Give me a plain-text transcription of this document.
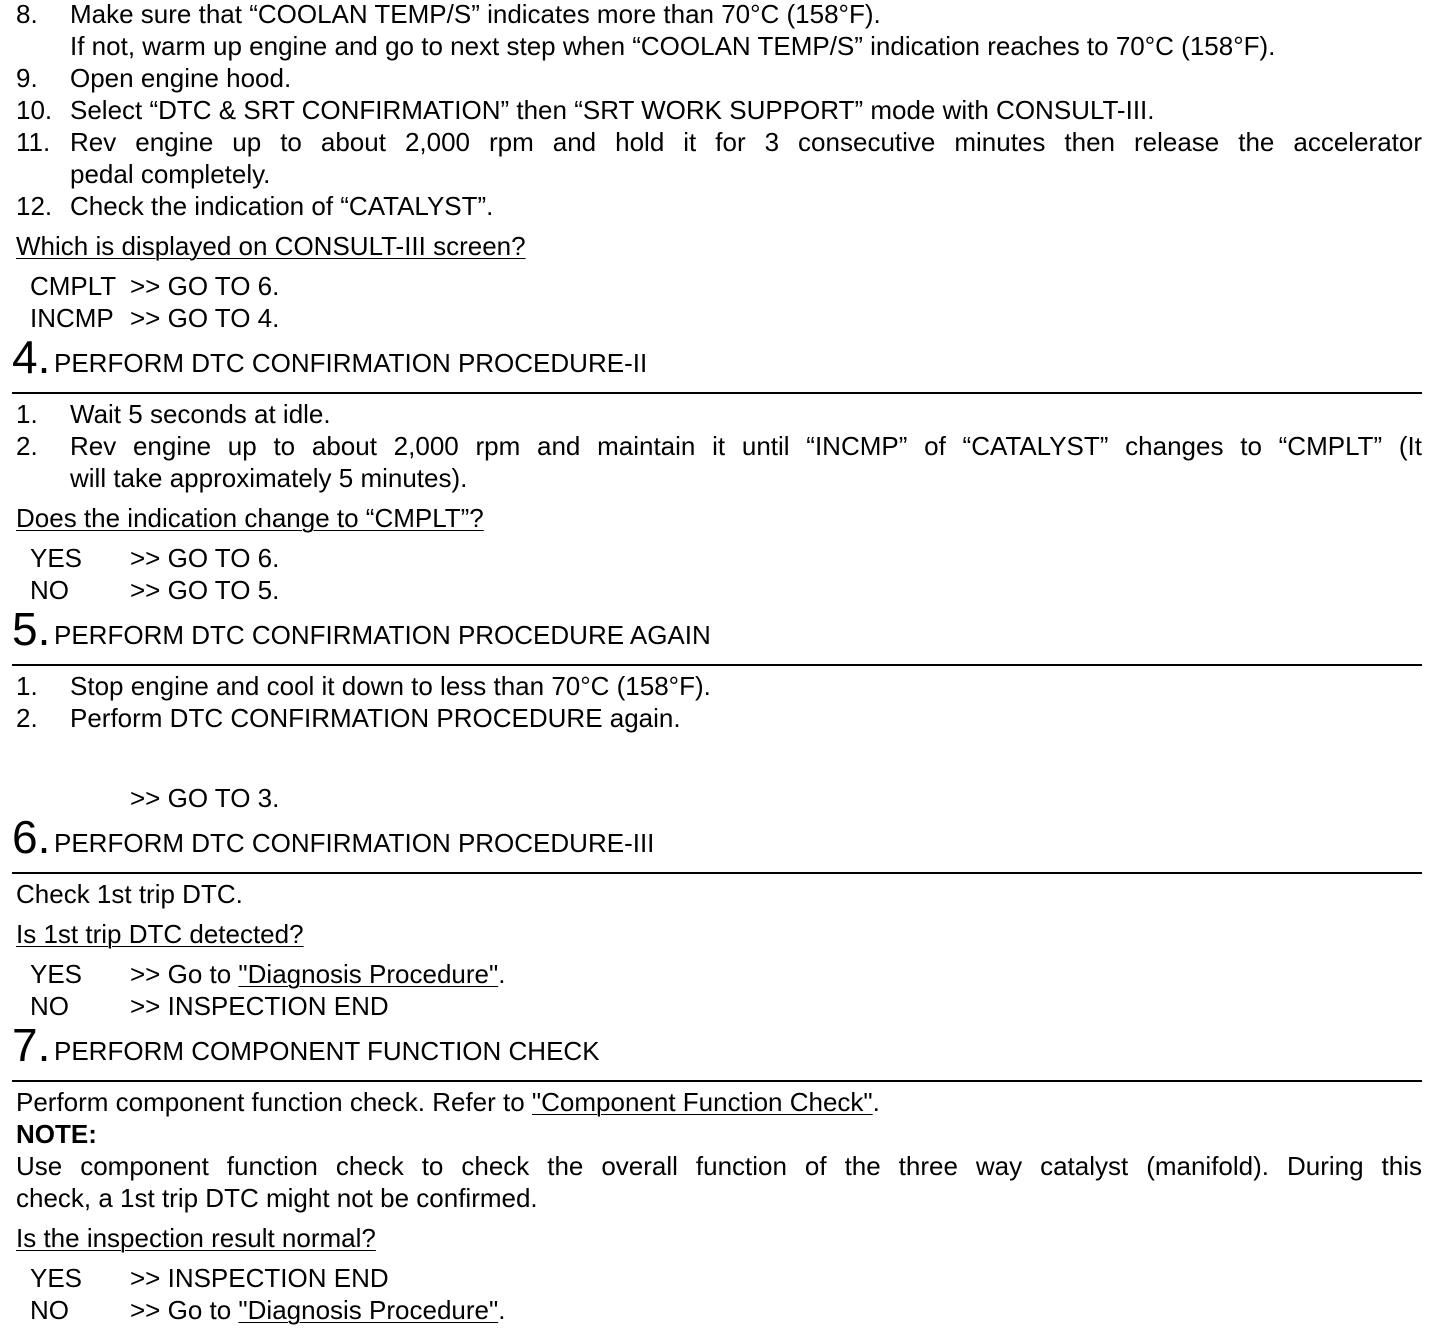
8. Make sure that “COOLAN TEMP/S” indicates more than 70°C (158°F).
If not, warm up engine and go to next step when “COOLAN TEMP/S” indication reaches to 70°C (158°F).
9. Open engine hood.
10. Select “DTC & SRT CONFIRMATION” then “SRT WORK SUPPORT” mode with CONSULT-III.
11. Rev engine up to about 2,000 rpm and hold it for 3 consecutive minutes then release the accelerator
pedal completely.
12. Check the indication of “CATALYST”.
Which is displayed on CONSULT-III screen?
CMPLT >> GO TO 6.
INCMP >> GO TO 4.
4. PERFORM DTC CONFIRMATION PROCEDURE-II
1. Wait 5 seconds at idle.
2. Rev engine up to about 2,000 rpm and maintain it until “INCMP” of “CATALYST” changes to “CMPLT” (It
will take approximately 5 minutes).
Does the indication change to “CMPLT”?
YES >> GO TO 6.
NO >> GO TO 5.
5. PERFORM DTC CONFIRMATION PROCEDURE AGAIN
1. Stop engine and cool it down to less than 70°C (158°F).
2. Perform DTC CONFIRMATION PROCEDURE again.
>> GO TO 3.
6. PERFORM DTC CONFIRMATION PROCEDURE-III
Check 1st trip DTC.
Is 1st trip DTC detected?
YES >> Go to "Diagnosis Procedure".
NO >> INSPECTION END
7. PERFORM COMPONENT FUNCTION CHECK
Perform component function check. Refer to "Component Function Check".
NOTE:
Use component function check to check the overall function of the three way catalyst (manifold). During this
check, a 1st trip DTC might not be confirmed.
Is the inspection result normal?
YES >> INSPECTION END
NO >> Go to "Diagnosis Procedure".
